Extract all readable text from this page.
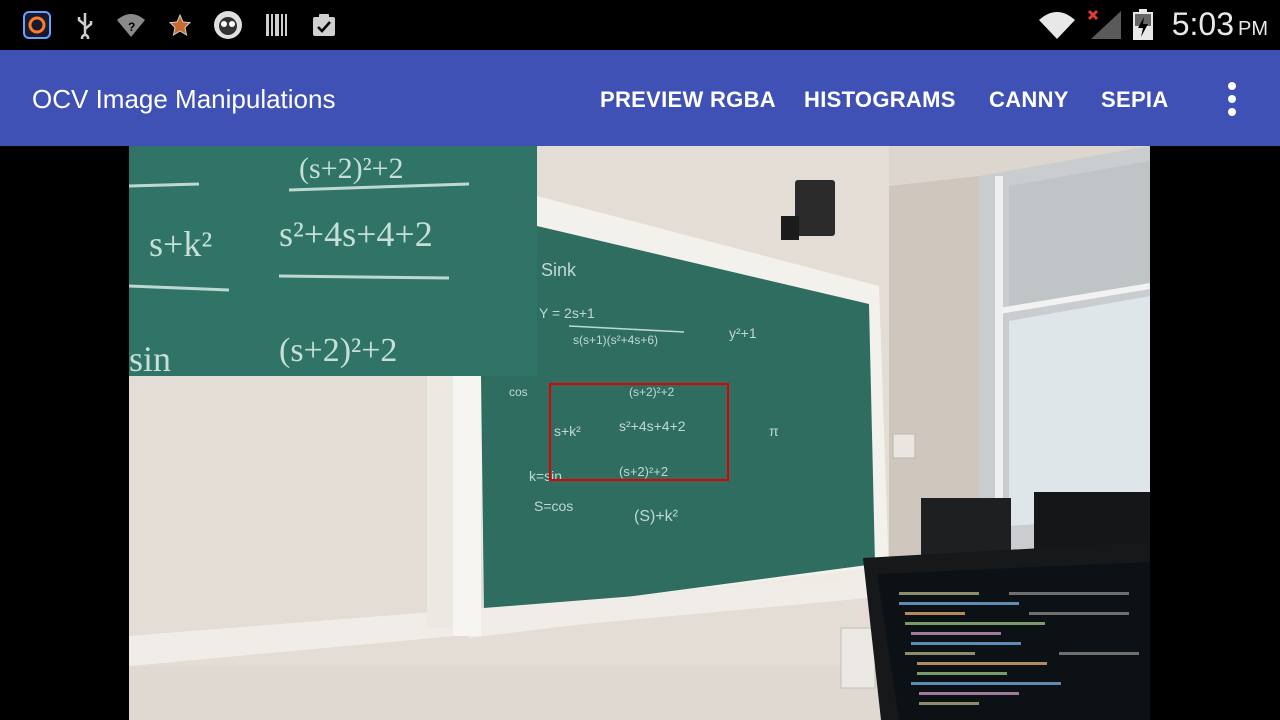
?	5:03 PM
OCV Image Manipulations	PREVIEW RGBA HISTOGRAMS CANNY SEPIA
Sink
Y = 2s+1
s(s+1)(s²+4s+6)	y²+1
cos
s+k²	s²+4s+4+2
(s+2)²+2
k=sin	(s+2)²+2
S=cos
(S)+k²
π
(s+2)²+2
s²+4s+4+2
s+k²
(s+2)²+2
sin
